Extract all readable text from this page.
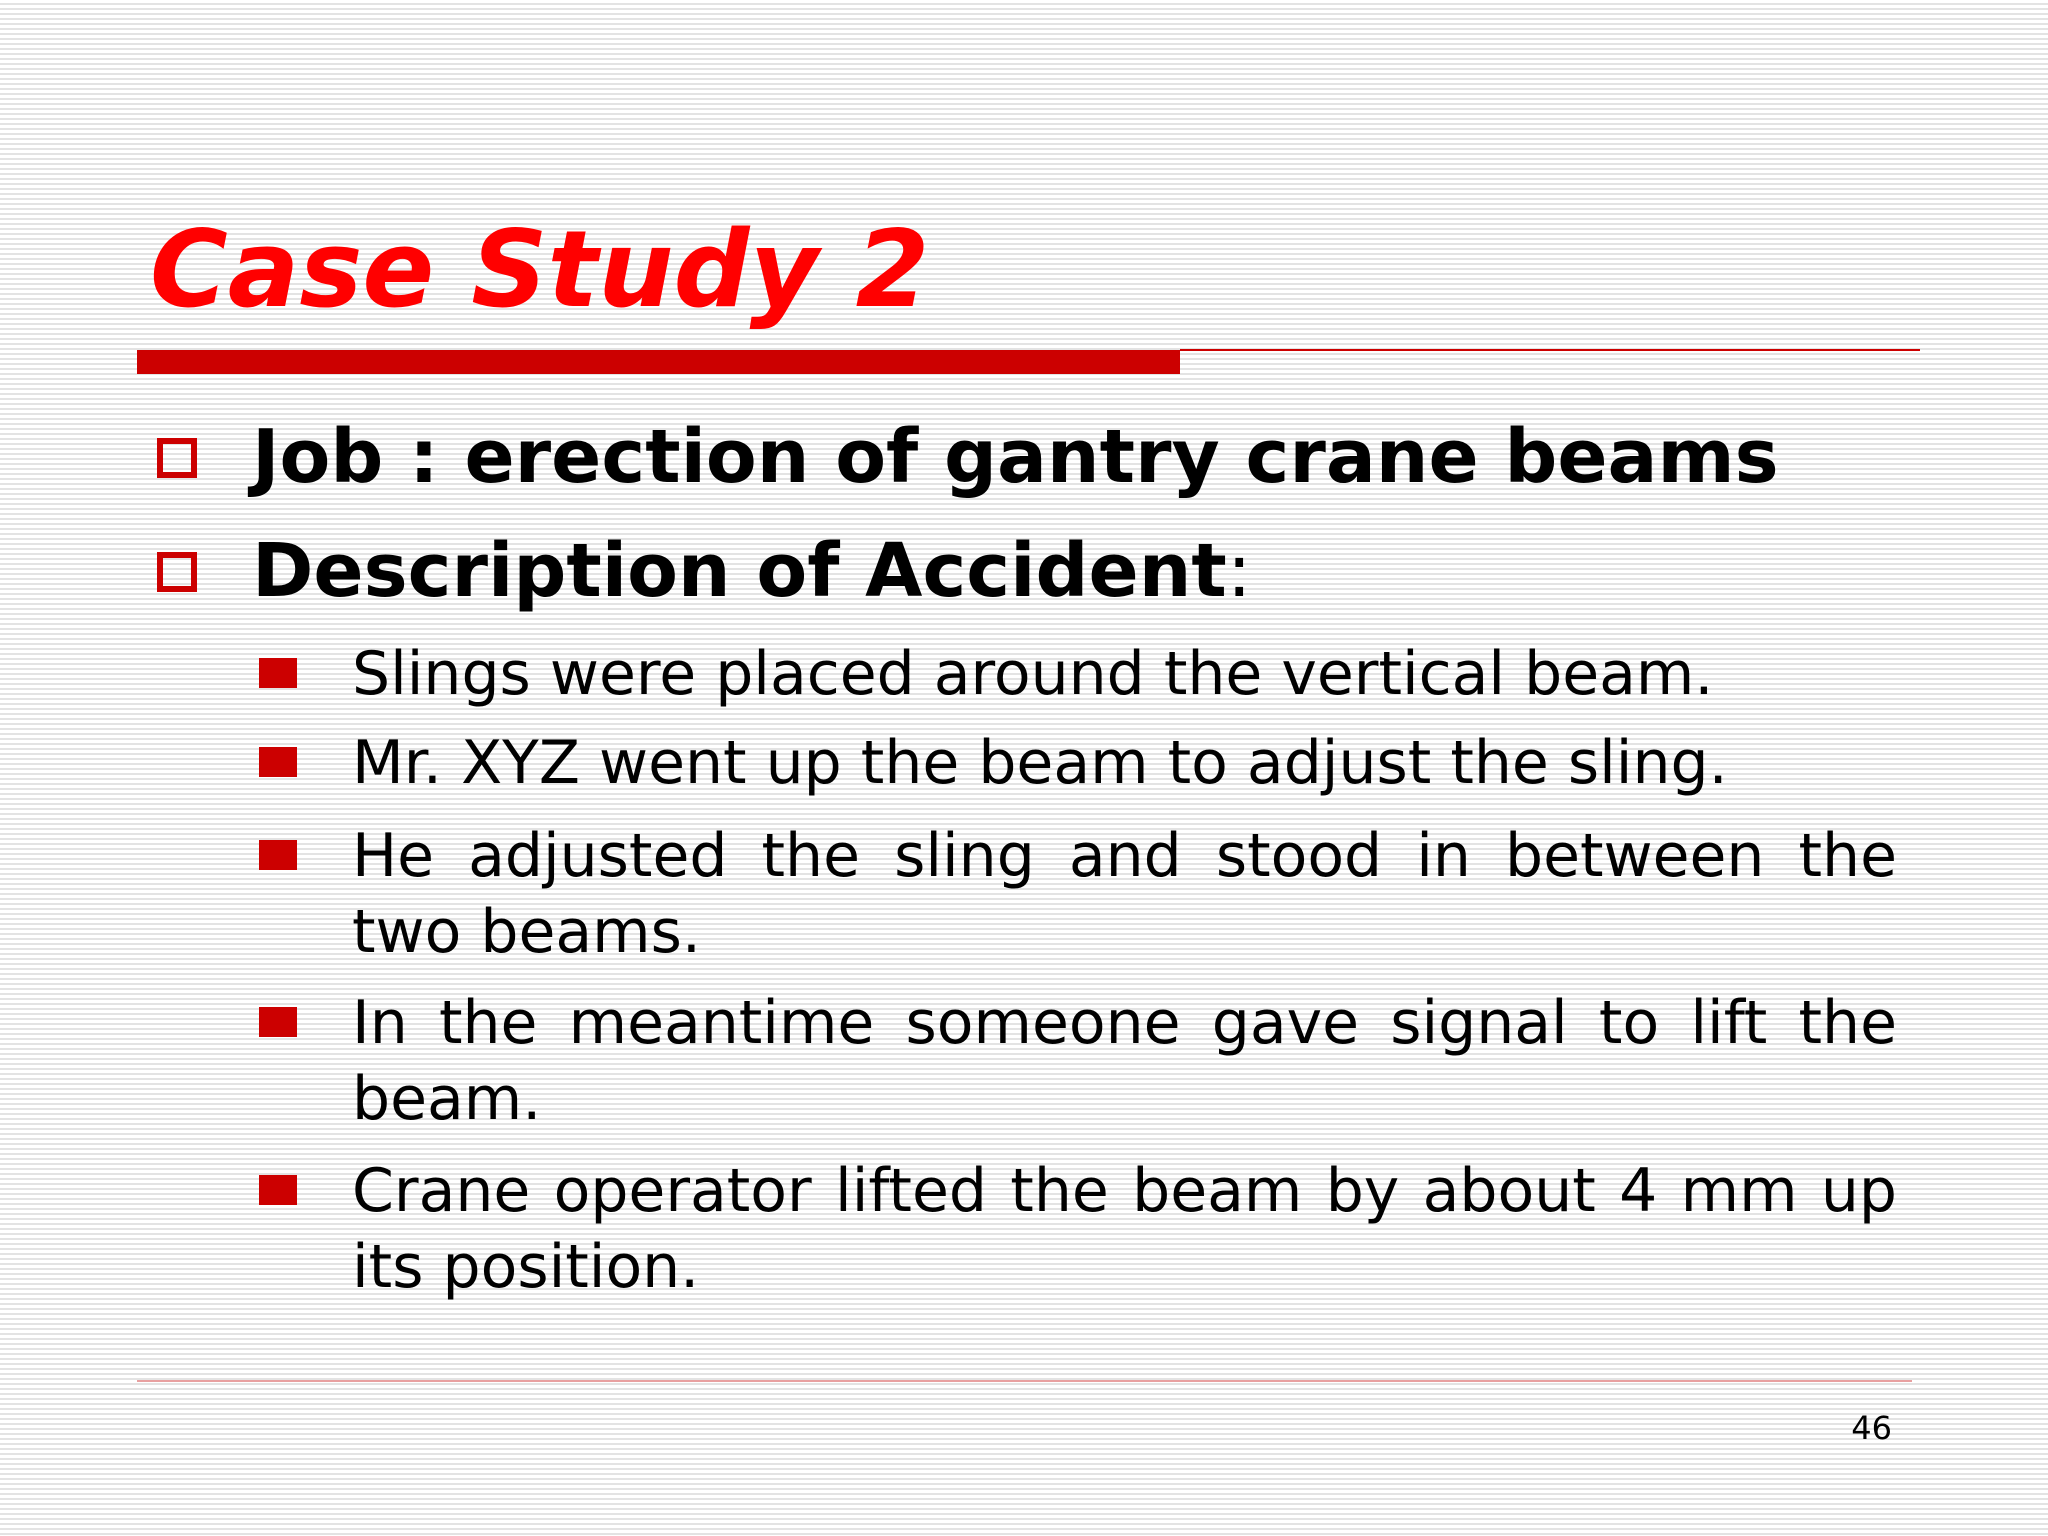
Case Study 2
Job : erection of gantry crane beams
Description of Accident:

Slings were placed around the vertical beam.

Mr. XYZ went up the beam to adjust the sling.

He adjusted the sling and stood in between the two beams.

In the meantime someone gave signal to lift the beam.

Crane operator lifted the beam by about 4 mm up its position.

46
